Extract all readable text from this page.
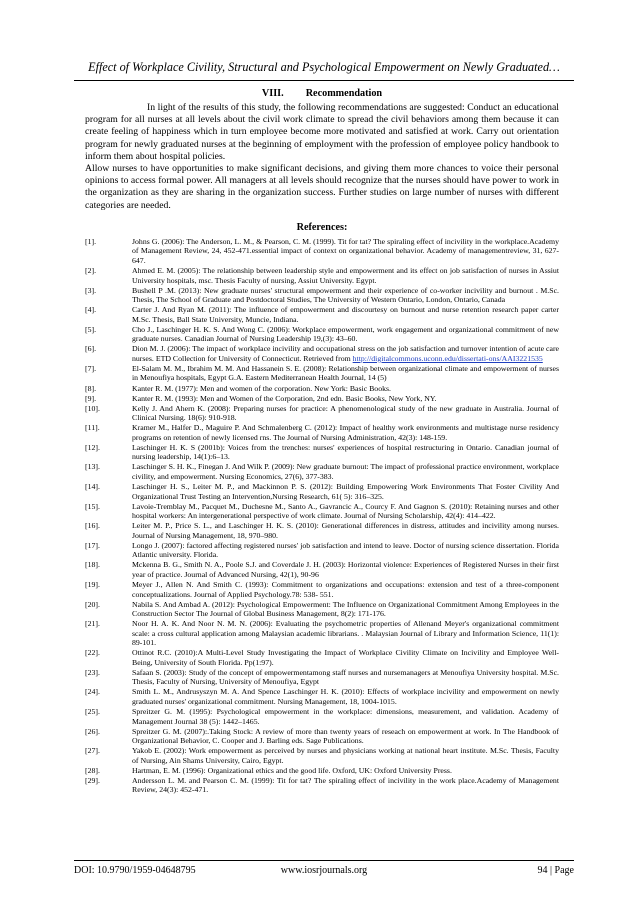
Effect of Workplace Civility, Structural and Psychological Empowerment on Newly Graduated…
VIII. Recommendation

In light of the results of this study, the following recommendations are suggested: Conduct an educational program for all nurses at all levels about the civil work climate to spread the civil behaviors among them because it can create feeling of happiness which in turn employee become more motivated and satisfied at work. Carry out orientation program for newly graduated nurses at the beginning of employment with the profession of employee policy handbook to inform them about hospital policies.

Allow nurses to have opportunities to make significant decisions, and giving them more chances to voice their personal opinions to access formal power. All managers at all levels should recognize that the nurses should have power to work in the organization as they are sharing in the organization success. Further studies on large number of nurses with different categories are needed.

References:
[1].	Johns G. (2006): The Anderson, L. M., & Pearson, C. M. (1999). Tit for tat? The spiraling effect of incivility in the workplace.Academy of Management Review, 24, 452-471.essential impact of context on organizational behavior. Academy of managementreview, 31, 627-647.
[2].	Ahmed E. M. (2005): The relationship between leadership style and empowerment and its effect on job satisfaction of nurses in Assiut University hospitals, msc. Thesis Faculty of nursing, Assiut University. Egypt.
[3].	Bushell P .M. (2013): New graduate nurses' structural empowerment and their experience of co-worker incivility and burnout . M.Sc. Thesis, The School of Graduate and Postdoctoral Studies, The University of Western Ontario, London, Ontario, Canada
[4].	Carter J. And Ryan M. (2011): The influence of empowerment and discourtesy on burnout and nurse retention research paper carter M.Sc. Thesis, Ball State University, Muncie, Indiana.
[5].	Cho J., Laschinger H. K. S. And Wong C. (2006): Workplace empowerment, work engagement and organizational commitment of new graduate nurses. Canadian Journal of Nursing Leadership 19,(3): 43–60.
[6].	Dion M. J. (2006): The impact of workplace incivility and occupational stress on the job satisfaction and turnover intention of acute care nurses. ETD Collection for University of Connecticut. Retrieved from http://digitalcommons.uconn.edu/dissertati-ons/AAI3221535
[7].	El-Salam M. M., Ibrahim M. M. And Hassanein S. E. (2008): Relationship between organizational climate and empowerment of nurses in Menoufiya hospitals, Egypt G.A. Eastern Mediterranean Health Journal, 14 (5)
[8].	Kanter R. M. (1977): Men and women of the corporation. New York: Basic Books.
[9].	Kanter R. M. (1993): Men and Women of the Corporation, 2nd edn. Basic Books, New York, NY.
[10].	Kelly J. And Ahern K. (2008): Preparing nurses for practice: A phenomenological study of the new graduate in Australia. Journal of Clinical Nursing. 18(6): 910-918.
[11].	Kramer M., Halfer D., Maguire P. And Schmalenberg C. (2012): Impact of healthy work environments and multistage nurse residency programs on retention of newly licensed rns. The Journal of Nursing Administration, 42(3): 148-159.
[12].	Laschinger H. K. S (2001b): Voices from the trenches: nurses' experiences of hospital restructuring in Ontario. Canadian journal of nursing leadership, 14(1):6–13.
[13].	Laschinger S. H. K., Finegan J. And Wilk P. (2009): New graduate burnout: The impact of professional practice environment, workplace civility, and empowerment. Nursing Economics, 27(6), 377-383.
[14].	Laschinger H. S., Leiter M. P., and Mackinnon P. S. (2012): Building Empowering Work Environments That Foster Civility And Organizational Trust Testing an Intervention,Nursing Research, 61( 5): 316–325.
[15].	Lavoie-Tremblay M., Pacquet M., Duchesne M., Santo A., Gavrancic A., Courcy F. And Gagnon S. (2010): Retaining nurses and other hospital workers: An intergenerational perspective of work climate. Journal of Nursing Scholarship, 42(4): 414–422.
[16].	Leiter M. P., Price S. L., and Laschinger H. K. S. (2010): Generational differences in distress, attitudes and incivility among nurses. Journal of Nursing Management, 18, 970–980.
[17].	Longo J. (2007): factored affecting registered nurses' job satisfaction and intend to leave. Doctor of nursing science dissertation. Florida Atlantic university. Florida.
[18].	Mckenna B. G., Smith N. A., Poole S.J. and Coverdale J. H. (2003): Horizontal violence: Experiences of Registered Nurses in their first year of practice. Journal of Advanced Nursing, 42(1), 90-96
[19].	Meyer J., Allen N. And Smith C. (1993): Commitment to organizations and occupations: extension and test of a three-component conceptualizations. Journal of Applied Psychology.78: 538- 551.
[20].	Nabila S. And Ambad A. (2012): Psychological Empowerment: The Influence on Organizational Commitment Among Employees in the Construction Sector The Journal of Global Business Management, 8(2): 171-176.
[21].	Noor H. A. K. And Noor N. M. N. (2006): Evaluating the psychometric properties of Allenand Meyer's organizational commitment scale: a cross cultural application among Malaysian academic librarians. . Malaysian Journal of Library and Information Science, 11(1): 89-101.
[22].	Ottinot R.C. (2010):A Multi-Level Study Investigating the Impact of Workplace Civility Climate on Incivility and Employee Well-Being, University of South Florida. Pp(1:97).
[23].	Safaan S. (2003): Study of the concept of empowermentamong staff nurses and nursemanagers at Menoufiya University hospital. M.Sc. Thesis, Faculty of Nursing, University of Menoufiya, Egypt
[24].	Smith L. M., Andrusyszyn M. A. And Spence Laschinger H. K. (2010): Effects of workplace incivility and empowerment on newly graduated nurses' organizational commitment. Nursing Management, 18, 1004-1015.
[25].	Spreitzer G. M. (1995): Psychological empowerment in the workplace: dimensions, measurement, and validation. Academy of Management Journal 38 (5): 1442–1465.
[26].	Spreitzer G. M. (2007):.Taking Stock: A review of more than twenty years of reseach on empowerment at work. In The Handbook of Organizational Behavior, C. Cooper and J. Barling eds. Sage Publications.
[27].	Yakob E. (2002): Work empowerment as perceived by nurses and physicians working at national heart institute. M.Sc. Thesis, Faculty of Nursing, Ain Shams University, Cairo, Egypt.
[28].	Hartman, E. M. (1996): Organizational ethics and the good life. Oxford, UK: Oxford University Press.
[29].	Andersson L. M. and Pearson C. M. (1999): Tit for tat? The spiraling effect of incivility in the work place.Academy of Management Review, 24(3): 452-471.
DOI: 10.9790/1959-04648795	www.iosrjournals.org	94 | Page
